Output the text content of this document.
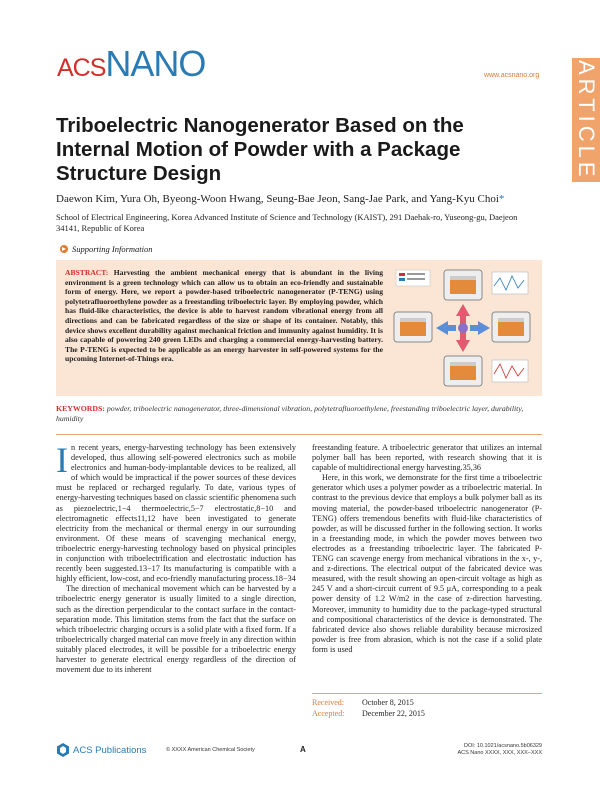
ACS NANO	www.acsnano.org ARTICLE
Triboelectric Nanogenerator Based on the Internal Motion of Powder with a Package Structure Design
Daewon Kim, Yura Oh, Byeong-Woon Hwang, Seung-Bae Jeon, Sang-Jae Park, and Yang-Kyu Choi*
School of Electrical Engineering, Korea Advanced Institute of Science and Technology (KAIST), 291 Daehak-ro, Yuseong-gu, Daejeon 34141, Republic of Korea
Supporting Information
ABSTRACT: Harvesting the ambient mechanical energy that is abundant in the living environment is a green technology which can allow us to obtain an eco-friendly and sustainable form of energy. Here, we report a powder-based triboelectric nanogenerator (P-TENG) using polytetrafluoroethylene powder as a freestanding triboelectric layer. By employing powder, which has fluid-like characteristics, the device is able to harvest random vibrational energy from all directions and can be fabricated regardless of the size or shape of its container. Notably, this device shows excellent durability against mechanical friction and immunity against humidity. It is also capable of powering 240 green LEDs and charging a commercial energy-harvesting battery. The P-TENG is expected to be applicable as an energy harvester in self-powered systems for the upcoming Internet-of-Things era.
KEYWORDS: powder, triboelectric nanogenerator, three-dimensional vibration, polytetrafluoroethylene, freestanding triboelectric layer, durability, humidity

In recent years, energy-harvesting technology has been extensively developed, thus allowing self-powered electronics such as mobile electronics and human-body-implantable devices to be realized, all of which would be impractical if the power sources of these devices must be replaced or recharged regularly. To date, various types of energy-harvesting techniques based on classic scientific phenomena such as piezoelectric,1−4 thermoelectric,5−7 electrostatic,8−10 and electromagnetic effects11,12 have been investigated to generate electricity from the mechanical or thermal energy in our surrounding environment. Of these means of scavenging mechanical energy, triboelectric energy-harvesting technology based on physical principles in conjunction with triboelectrification and electrostatic induction has recently been suggested.13−17 Its manufacturing is compatible with a highly efficient, low-cost, and eco-friendly manufacturing process.18−34

The direction of mechanical movement which can be harvested by a triboelectric energy generator is usually limited to a single direction, such as the direction perpendicular to the contact surface in the contact-separation mode. This limitation stems from the fact that the surface on which triboelectric charging occurs is a solid plate with a fixed form. If a triboelectrically charged material can move freely in any direction within suitably placed electrodes, it will be possible for a triboelectric energy harvester to generate electrical energy regardless of the direction of movement due to its inherent

freestanding feature. A triboelectric generator that utilizes an internal polymer ball has been reported, with research showing that it is capable of multidirectional energy harvesting.35,36

Here, in this work, we demonstrate for the first time a triboelectric generator which uses a polymer powder as a triboelectric material. In contrast to the previous device that employs a bulk polymer ball as its moving material, the powder-based triboelectric nanogenerator (P-TENG) offers tremendous benefits with fluid-like characteristics of powder, as will be discussed further in the following section. It works in a freestanding mode, in which the powder moves between two electrodes as a freestanding triboelectric layer. The fabricated P-TENG can scavenge energy from mechanical vibrations in the x-, y-, and z-directions. The electrical output of the fabricated device was measured, with the result showing an open-circuit voltage as high as 245 V and a short-circuit current of 9.5 μA, corresponding to a peak power density of 1.2 W/m2 in the case of z-direction harvesting. Moreover, immunity to humidity due to the package-typed structural and compositional characteristics of the device is demonstrated. The fabricated device also shows reliable durability because microsized powder is free from abrasion, which is not the case if a solid plate form is used

Received: October 8, 2015
Accepted: December 22, 2015
ACS Publications	© XXXX American Chemical Society	A	DOI: 10.1021/acsnano.5b06329
ACS Nano XXXX, XXX, XXX−XXX
